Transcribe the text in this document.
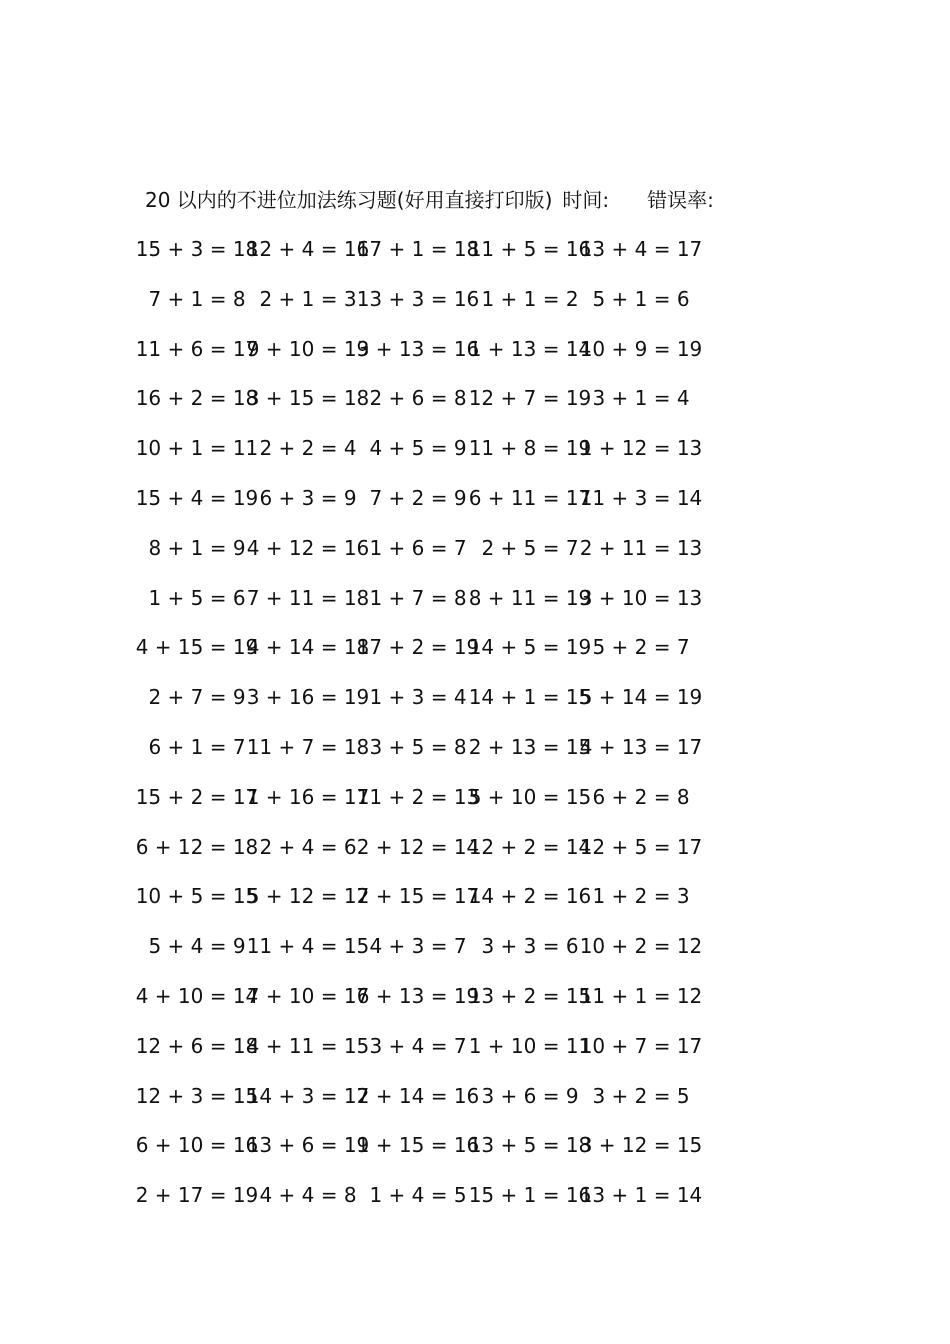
20 以内的不进位加法练习题(好用直接打印版) 时间: 错误率:
15 + 3 = 18
12 + 4 = 16
17 + 1 = 18
11 + 5 = 16
13 + 4 = 17
7 + 1 = 8 2 + 1 = 3 13 + 3 = 16 1 + 1 = 2 5 + 1 = 6
11 + 6 = 17
9 + 10 = 19
3 + 13 = 16
1 + 13 = 14
10 + 9 = 19
16 + 2 = 18
3 + 15 = 18 2 + 6 = 8 12 + 7 = 19 3 + 1 = 4
10 + 1 = 11 2 + 2 = 4 4 + 5 = 9 11 + 8 = 19
1 + 12 = 13
15 + 4 = 19 6 + 3 = 9 7 + 2 = 9 6 + 11 = 17
11 + 3 = 14
8 + 1 = 9 4 + 12 = 16 1 + 6 = 7 2 + 5 = 7 2 + 11 = 13
1 + 5 = 6 7 + 11 = 18 1 + 7 = 8 8 + 11 = 19
3 + 10 = 13
4 + 15 = 19
4 + 14 = 18
17 + 2 = 19
14 + 5 = 19 5 + 2 = 7
2 + 7 = 9 3 + 16 = 19 1 + 3 = 4 14 + 1 = 15
5 + 14 = 19
6 + 1 = 7 11 + 7 = 18 3 + 5 = 8 2 + 13 = 15
4 + 13 = 17
15 + 2 = 17
1 + 16 = 17
11 + 2 = 13
5 + 10 = 15 6 + 2 = 8
6 + 12 = 18 2 + 4 = 6 2 + 12 = 14
12 + 2 = 14
12 + 5 = 17
10 + 5 = 15
5 + 12 = 17
2 + 15 = 17
14 + 2 = 16 1 + 2 = 3
5 + 4 = 9 11 + 4 = 15 4 + 3 = 7 3 + 3 = 6 10 + 2 = 12
4 + 10 = 14
7 + 10 = 17
6 + 13 = 19
13 + 2 = 15
11 + 1 = 12
12 + 6 = 18
4 + 11 = 15 3 + 4 = 7 1 + 10 = 11
10 + 7 = 17
12 + 3 = 15
14 + 3 = 17
2 + 14 = 16 3 + 6 = 9 3 + 2 = 5
6 + 10 = 16
13 + 6 = 19
1 + 15 = 16
13 + 5 = 18
3 + 12 = 15
2 + 17 = 19 4 + 4 = 8 1 + 4 = 5 15 + 1 = 16
13 + 1 = 14
